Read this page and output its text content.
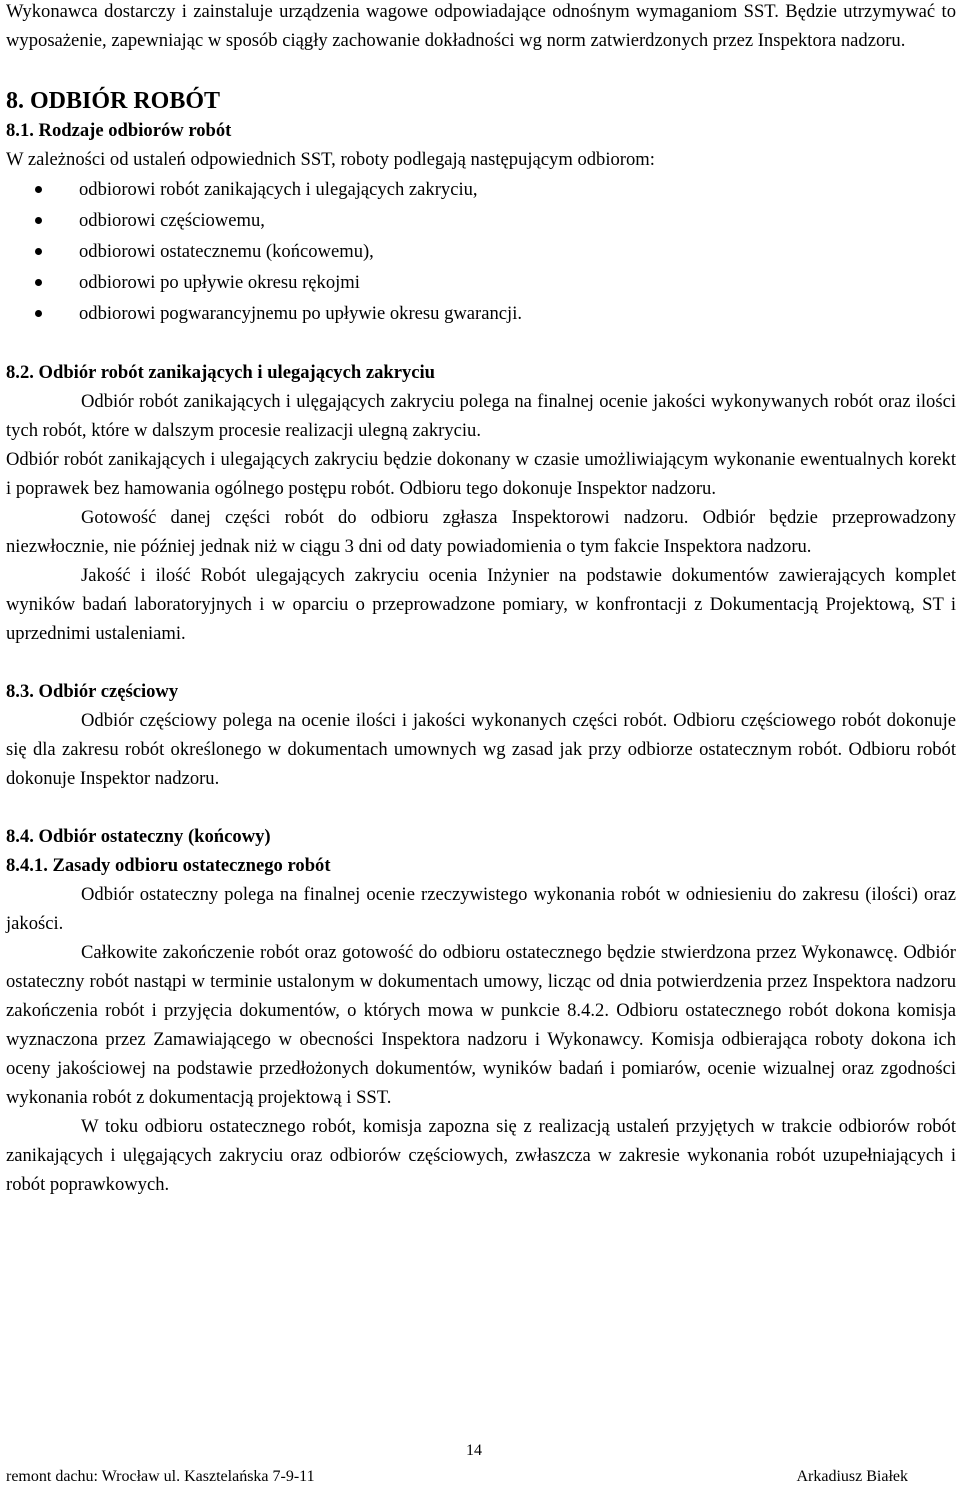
Wykonawca dostarczy i zainstaluje urządzenia wagowe odpowiadające odnośnym wymaganiom SST. Będzie utrzymywać to wyposażenie, zapewniając w sposób ciągły zachowanie dokładności wg norm zatwierdzonych przez Inspektora nadzoru.

8. ODBIÓR ROBÓT
8.1. Rodzaje odbiorów robót

W zależności od ustaleń odpowiednich SST, roboty podlegają następującym odbiorom:

odbiorowi robót zanikających i ulegających zakryciu,
odbiorowi częściowemu,
odbiorowi ostatecznemu (końcowemu),
odbiorowi po upływie okresu rękojmi
odbiorowi pogwarancyjnemu po upływie okresu gwarancji.
8.2. Odbiór robót zanikających i ulegających zakryciu

Odbiór robót zanikających i ulęgających zakryciu polega na finalnej ocenie jakości wykonywanych robót oraz ilości tych robót, które w dalszym procesie realizacji ulegną zakryciu.

Odbiór robót zanikających i ulegających zakryciu będzie dokonany w czasie umożliwiającym wykonanie ewentualnych korekt i poprawek bez hamowania ogólnego postępu robót. Odbioru tego dokonuje Inspektor nadzoru.

Gotowość danej części robót do odbioru zgłasza Inspektorowi nadzoru. Odbiór będzie przeprowadzony niezwłocznie, nie później jednak niż w ciągu 3 dni od daty powiadomienia o tym fakcie Inspektora nadzoru.

Jakość i ilość Robót ulegających zakryciu ocenia Inżynier na podstawie dokumentów zawierających komplet wyników badań laboratoryjnych i w oparciu o przeprowadzone pomiary, w konfrontacji z Dokumentacją Projektową, ST i uprzednimi ustaleniami.

8.3. Odbiór częściowy

Odbiór częściowy polega na ocenie ilości i jakości wykonanych części robót. Odbioru częściowego robót dokonuje się dla zakresu robót określonego w dokumentach umownych wg zasad jak przy odbiorze ostatecznym robót. Odbioru robót dokonuje Inspektor nadzoru.

8.4. Odbiór ostateczny (końcowy)
8.4.1. Zasady odbioru ostatecznego robót

Odbiór ostateczny polega na finalnej ocenie rzeczywistego wykonania robót w odniesieniu do zakresu (ilości) oraz jakości.

Całkowite zakończenie robót oraz gotowość do odbioru ostatecznego będzie stwierdzona przez Wykonawcę. Odbiór ostateczny robót nastąpi w terminie ustalonym w dokumentach umowy, licząc od dnia potwierdzenia przez Inspektora nadzoru zakończenia robót i przyjęcia dokumentów, o których mowa w punkcie 8.4.2. Odbioru ostatecznego robót dokona komisja wyznaczona przez Zamawiającego w obecności Inspektora nadzoru i Wykonawcy. Komisja odbierająca roboty dokona ich oceny jakościowej na podstawie przedłożonych dokumentów, wyników badań i pomiarów, ocenie wizualnej oraz zgodności wykonania robót z dokumentacją projektową i SST.

W toku odbioru ostatecznego robót, komisja zapozna się z realizacją ustaleń przyjętych w trakcie odbiorów robót zanikających i ulęgających zakryciu oraz odbiorów częściowych, zwłaszcza w zakresie wykonania robót uzupełniających i robót poprawkowych.

14
remont dachu: Wrocław ul. Kasztelańska 7-9-11	Arkadiusz Białek
